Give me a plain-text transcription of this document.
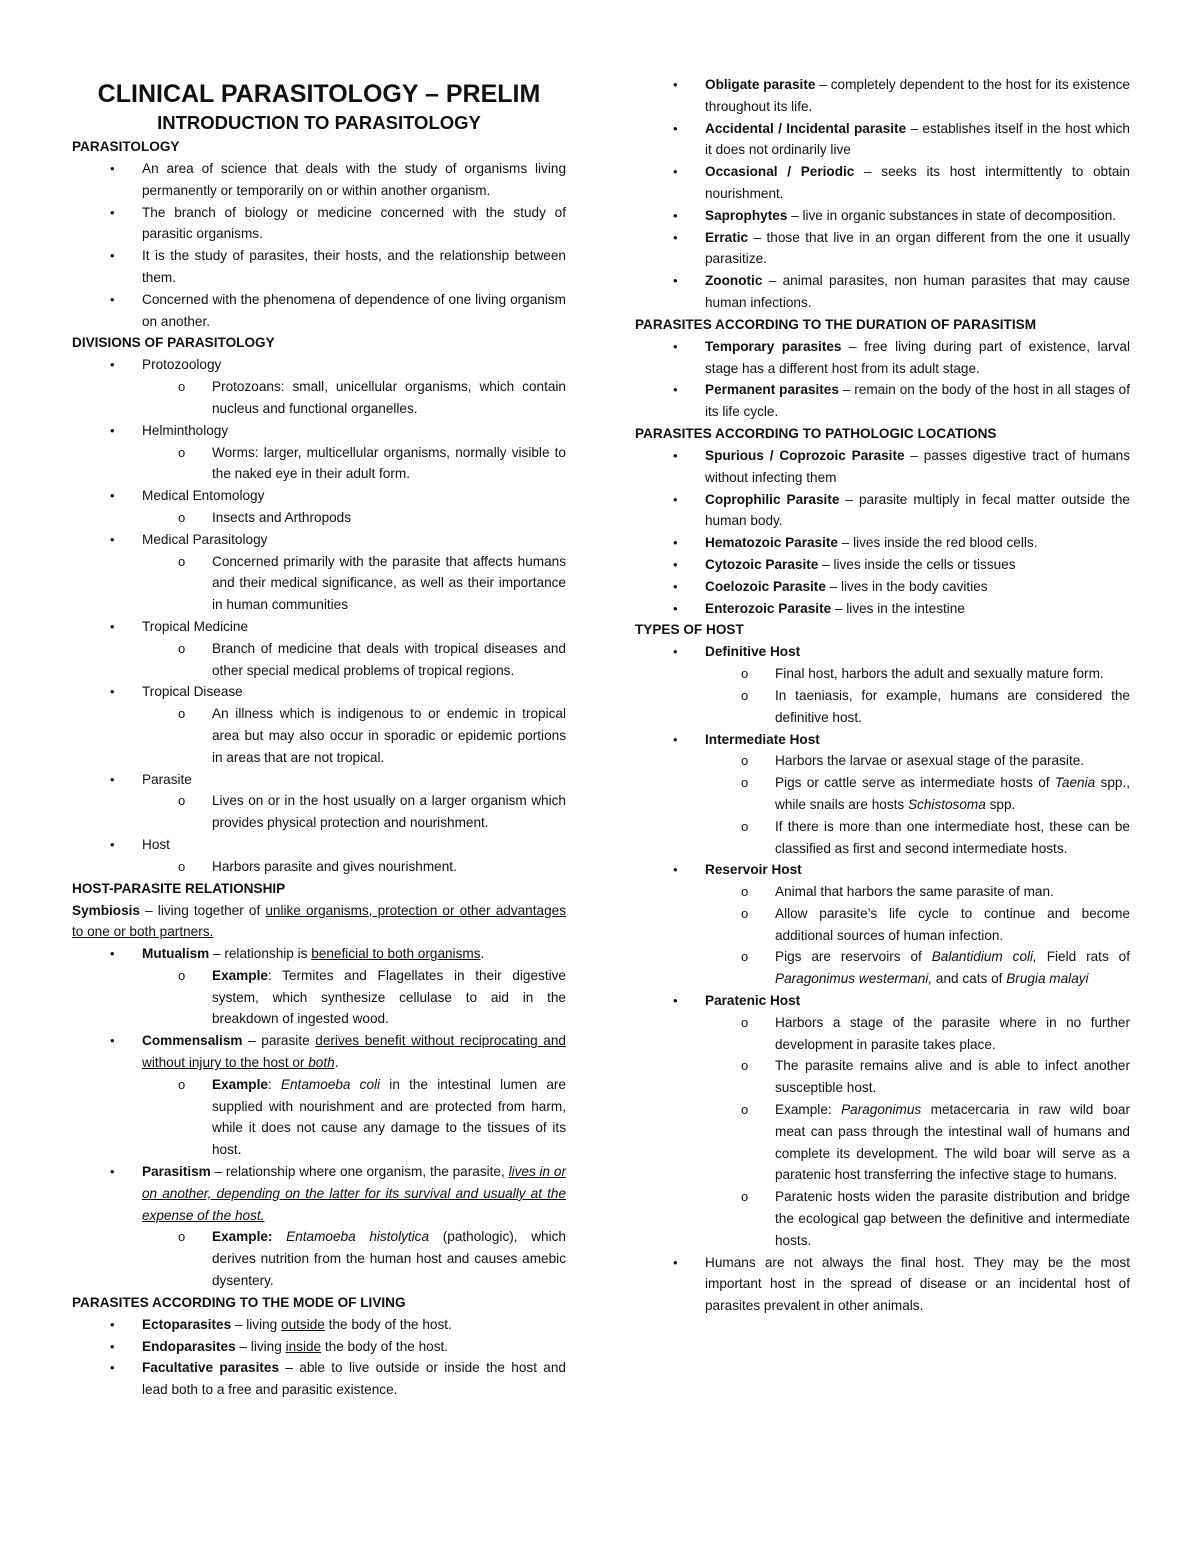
CLINICAL PARASITOLOGY – PRELIM
INTRODUCTION TO PARASITOLOGY
PARASITOLOGY
• An area of science that deals with the study of organisms living permanently or temporarily on or within another organism.
• The branch of biology or medicine concerned with the study of parasitic organisms.
• It is the study of parasites, their hosts, and the relationship between them.
• Concerned with the phenomena of dependence of one living organism on another.
DIVISIONS OF PARASITOLOGY
• Protozoology
o Protozoans: small, unicellular organisms, which contain nucleus and functional organelles.
• Helminthology
o Worms: larger, multicellular organisms, normally visible to the naked eye in their adult form.
• Medical Entomology
o Insects and Arthropods
• Medical Parasitology
o Concerned primarily with the parasite that affects humans and their medical significance, as well as their importance in human communities
• Tropical Medicine
o Branch of medicine that deals with tropical diseases and other special medical problems of tropical regions.
• Tropical Disease
o An illness which is indigenous to or endemic in tropical area but may also occur in sporadic or epidemic portions in areas that are not tropical.
• Parasite
o Lives on or in the host usually on a larger organism which provides physical protection and nourishment.
• Host
o Harbors parasite and gives nourishment.
HOST-PARASITE RELATIONSHIP
Symbiosis – living together of unlike organisms, protection or other advantages to one or both partners.
• Mutualism – relationship is beneficial to both organisms.
o Example: Termites and Flagellates in their digestive system, which synthesize cellulase to aid in the breakdown of ingested wood.
• Commensalism – parasite derives benefit without reciprocating and without injury to the host or both.
o Example: Entamoeba coli in the intestinal lumen are supplied with nourishment and are protected from harm, while it does not cause any damage to the tissues of its host.
• Parasitism – relationship where one organism, the parasite, lives in or on another, depending on the latter for its survival and usually at the expense of the host.
o Example: Entamoeba histolytica (pathologic), which derives nutrition from the human host and causes amebic dysentery.
PARASITES ACCORDING TO THE MODE OF LIVING
• Ectoparasites – living outside the body of the host.
• Endoparasites – living inside the body of the host.
• Facultative parasites – able to live outside or inside the host and lead both to a free and parasitic existence.
• Obligate parasite – completely dependent to the host for its existence throughout its life.
• Accidental / Incidental parasite – establishes itself in the host which it does not ordinarily live
• Occasional / Periodic – seeks its host intermittently to obtain nourishment.
• Saprophytes – live in organic substances in state of decomposition.
• Erratic – those that live in an organ different from the one it usually parasitize.
• Zoonotic – animal parasites, non human parasites that may cause human infections.
PARASITES ACCORDING TO THE DURATION OF PARASITISM
• Temporary parasites – free living during part of existence, larval stage has a different host from its adult stage.
• Permanent parasites – remain on the body of the host in all stages of its life cycle.
PARASITES ACCORDING TO PATHOLOGIC LOCATIONS
• Spurious / Coprozoic Parasite – passes digestive tract of humans without infecting them
• Coprophilic Parasite – parasite multiply in fecal matter outside the human body.
• Hematozoic Parasite – lives inside the red blood cells.
• Cytozoic Parasite – lives inside the cells or tissues
• Coelozoic Parasite – lives in the body cavities
• Enterozoic Parasite – lives in the intestine
TYPES OF HOST
• Definitive Host
o Final host, harbors the adult and sexually mature form.
o In taeniasis, for example, humans are considered the definitive host.
• Intermediate Host
o Harbors the larvae or asexual stage of the parasite.
o Pigs or cattle serve as intermediate hosts of Taenia spp., while snails are hosts Schistosoma spp.
o If there is more than one intermediate host, these can be classified as first and second intermediate hosts.
• Reservoir Host
o Animal that harbors the same parasite of man.
o Allow parasite’s life cycle to continue and become additional sources of human infection.
o Pigs are reservoirs of Balantidium coli, Field rats of Paragonimus westermani, and cats of Brugia malayi
• Paratenic Host
o Harbors a stage of the parasite where in no further development in parasite takes place.
o The parasite remains alive and is able to infect another susceptible host.
o Example: Paragonimus metacercaria in raw wild boar meat can pass through the intestinal wall of humans and complete its development. The wild boar will serve as a paratenic host transferring the infective stage to humans.
o Paratenic hosts widen the parasite distribution and bridge the ecological gap between the definitive and intermediate hosts.
• Humans are not always the final host. They may be the most important host in the spread of disease or an incidental host of parasites prevalent in other animals.
